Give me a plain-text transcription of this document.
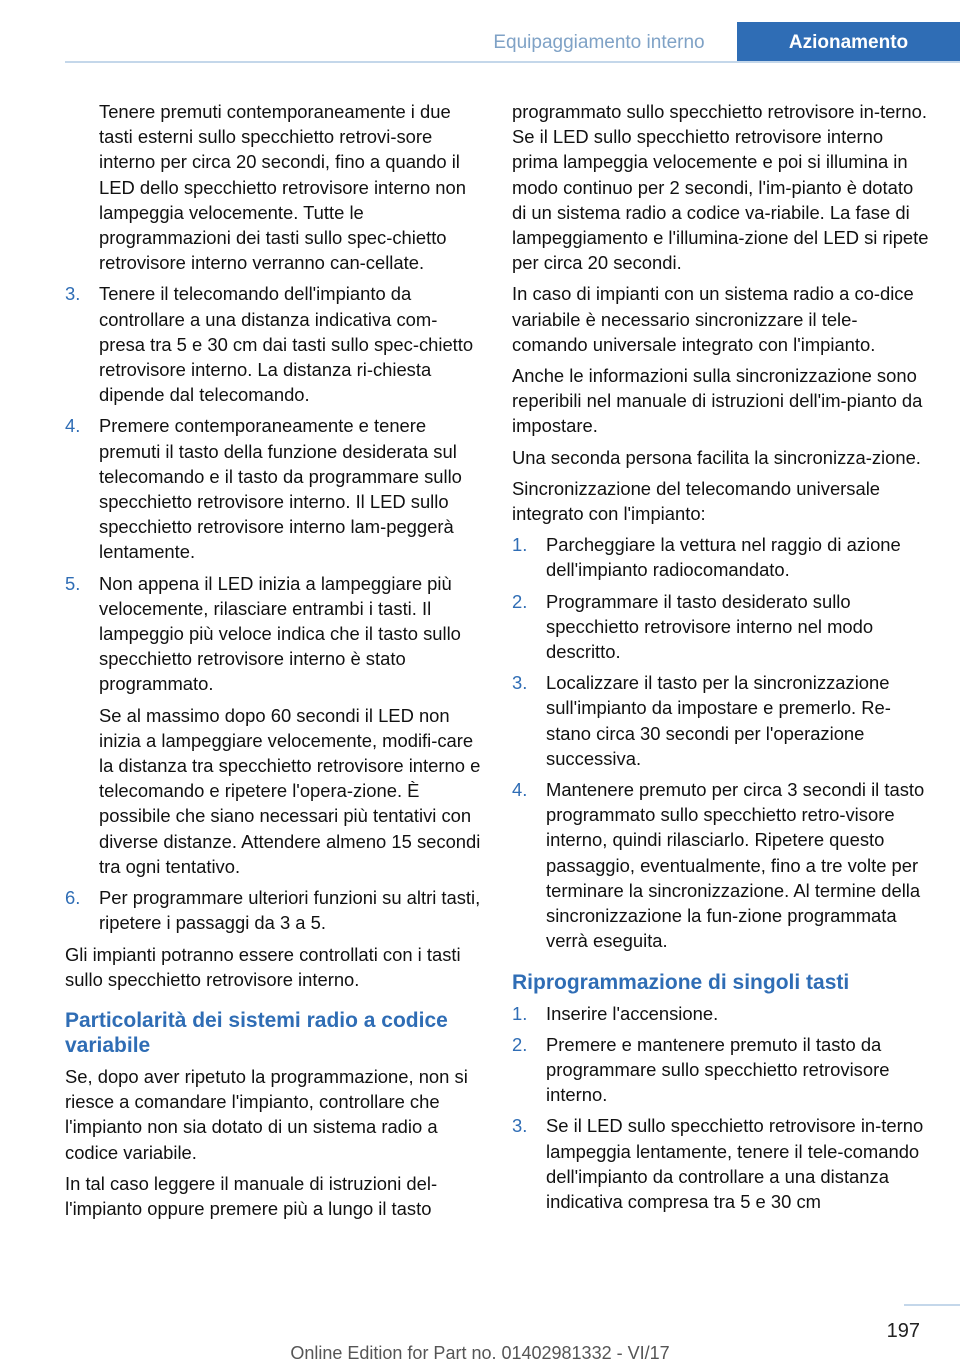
Equipaggiamento interno	Azionamento

Tenere premuti contemporaneamente i due tasti esterni sullo specchietto retrovi-sore interno per circa 20 secondi, fino a quando il LED dello specchietto retrovisore interno non lampeggia velocemente. Tutte le programmazioni dei tasti sullo spec-chietto retrovisore interno verranno can-cellate.

3. Tenere il telecomando dell'impianto da controllare a una distanza indicativa com-presa tra 5 e 30 cm dai tasti sullo spec-chietto retrovisore interno. La distanza ri-chiesta dipende dal telecomando.

4. Premere contemporaneamente e tenere premuti il tasto della funzione desiderata sul telecomando e il tasto da programmare sullo specchietto retrovisore interno. Il LED sullo specchietto retrovisore interno lam-peggerà lentamente.

5. Non appena il LED inizia a lampeggiare più velocemente, rilasciare entrambi i tasti. Il lampeggio più veloce indica che il tasto sullo specchietto retrovisore interno è stato programmato.

Se al massimo dopo 60 secondi il LED non inizia a lampeggiare velocemente, modifi-care la distanza tra specchietto retrovisore interno e telecomando e ripetere l'opera-zione. È possibile che siano necessari più tentativi con diverse distanze. Attendere almeno 15 secondi tra ogni tentativo.

6. Per programmare ulteriori funzioni su altri tasti, ripetere i passaggi da 3 a 5.

Gli impianti potranno essere controllati con i tasti sullo specchietto retrovisore interno.

Particolarità dei sistemi radio a codice variabile

Se, dopo aver ripetuto la programmazione, non si riesce a comandare l'impianto, controllare che l'impianto non sia dotato di un sistema radio a codice variabile.

In tal caso leggere il manuale di istruzioni del-l'impianto oppure premere più a lungo il tasto

programmato sullo specchietto retrovisore in-terno. Se il LED sullo specchietto retrovisore interno prima lampeggia velocemente e poi si illumina in modo continuo per 2 secondi, l'im-pianto è dotato di un sistema radio a codice va-riabile. La fase di lampeggiamento e l'illumina-zione del LED si ripete per circa 20 secondi.

In caso di impianti con un sistema radio a co-dice variabile è necessario sincronizzare il tele-comando universale integrato con l'impianto.

Anche le informazioni sulla sincronizzazione sono reperibili nel manuale di istruzioni dell'im-pianto da impostare.

Una seconda persona facilita la sincronizza-zione.

Sincronizzazione del telecomando universale integrato con l'impianto:

1. Parcheggiare la vettura nel raggio di azione dell'impianto radiocomandato.

2. Programmare il tasto desiderato sullo specchietto retrovisore interno nel modo descritto.

3. Localizzare il tasto per la sincronizzazione sull'impianto da impostare e premerlo. Re-stano circa 30 secondi per l'operazione successiva.

4. Mantenere premuto per circa 3 secondi il tasto programmato sullo specchietto retro-visore interno, quindi rilasciarlo. Ripetere questo passaggio, eventualmente, fino a tre volte per terminare la sincronizzazione. Al termine della sincronizzazione la fun-zione programmata verrà eseguita.

Riprogrammazione di singoli tasti
1. Inserire l'accensione.

2. Premere e mantenere premuto il tasto da programmare sullo specchietto retrovisore interno.

3. Se il LED sullo specchietto retrovisore in-terno lampeggia lentamente, tenere il tele-comando dell'impianto da controllare a una distanza indicativa compresa tra 5 e 30 cm

197
Online Edition for Part no. 01402981332 - VI/17
